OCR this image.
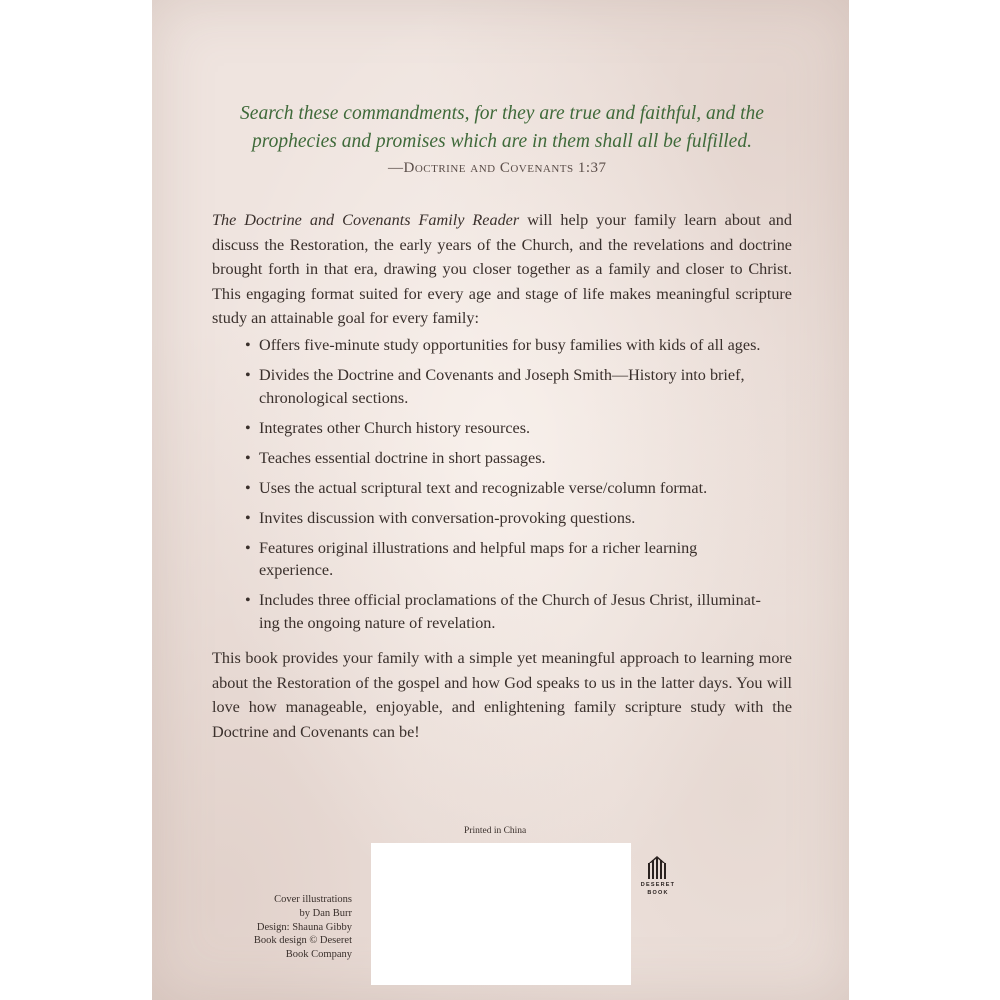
Search these commandments, for they are true and faithful, and the

prophecies and promises which are in them shall all be fulfilled.

—Doctrine and Covenants 1:37
The Doctrine and Covenants Family Reader will help your family learn about and discuss the Restoration, the early years of the Church, and the revelations and doctrine brought forth in that era, drawing you closer together as a family and closer to Christ. This engaging format suited for every age and stage of life makes meaningful scripture study an attainable goal for every family:
• Offers five-minute study opportunities for busy families with kids of all ages.
• Divides the Doctrine and Covenants and Joseph Smith—History into brief, chronological sections.
• Integrates other Church history resources.
• Teaches essential doctrine in short passages.
• Uses the actual scriptural text and recognizable verse/column format.
• Invites discussion with conversation-provoking questions.
• Features original illustrations and helpful maps for a richer learning experience.
• Includes three official proclamations of the Church of Jesus Christ, illuminat-ing the ongoing nature of revelation.
This book provides your family with a simple yet meaningful approach to learning more about the Restoration of the gospel and how God speaks to us in the latter days. You will love how manageable, enjoyable, and enlightening family scripture study with the Doctrine and Covenants can be!
Printed in China
Cover illustrations
by Dan Burr
Design: Shauna Gibby
Book design © Deseret
Book Company
DESERET
BOOK
